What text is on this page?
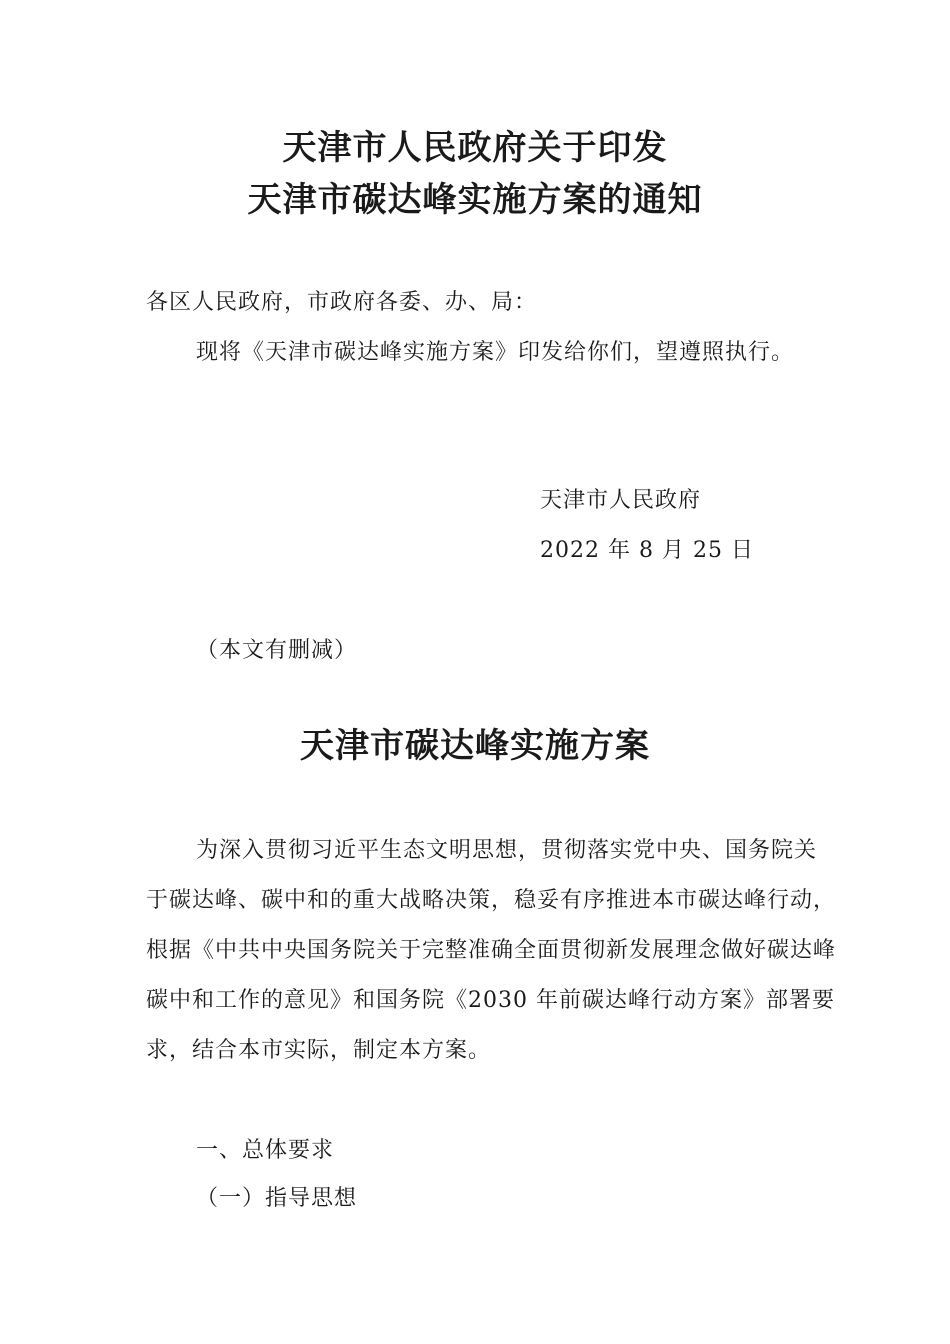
天津市人民政府关于印发
天津市碳达峰实施方案的通知

各区人民政府，市政府各委、办、局：

现将《天津市碳达峰实施方案》印发给你们，望遵照执行。

天津市人民政府

2022 年 8 月 25 日

（本文有删减）

天津市碳达峰实施方案

为深入贯彻习近平生态文明思想，贯彻落实党中央、国务院关于碳达峰、碳中和的重大战略决策，稳妥有序推进本市碳达峰行动，根据《中共中央国务院关于完整准确全面贯彻新发展理念做好碳达峰碳中和工作的意见》和国务院《2030 年前碳达峰行动方案》部署要求，结合本市实际，制定本方案。

一、总体要求

（一）指导思想
